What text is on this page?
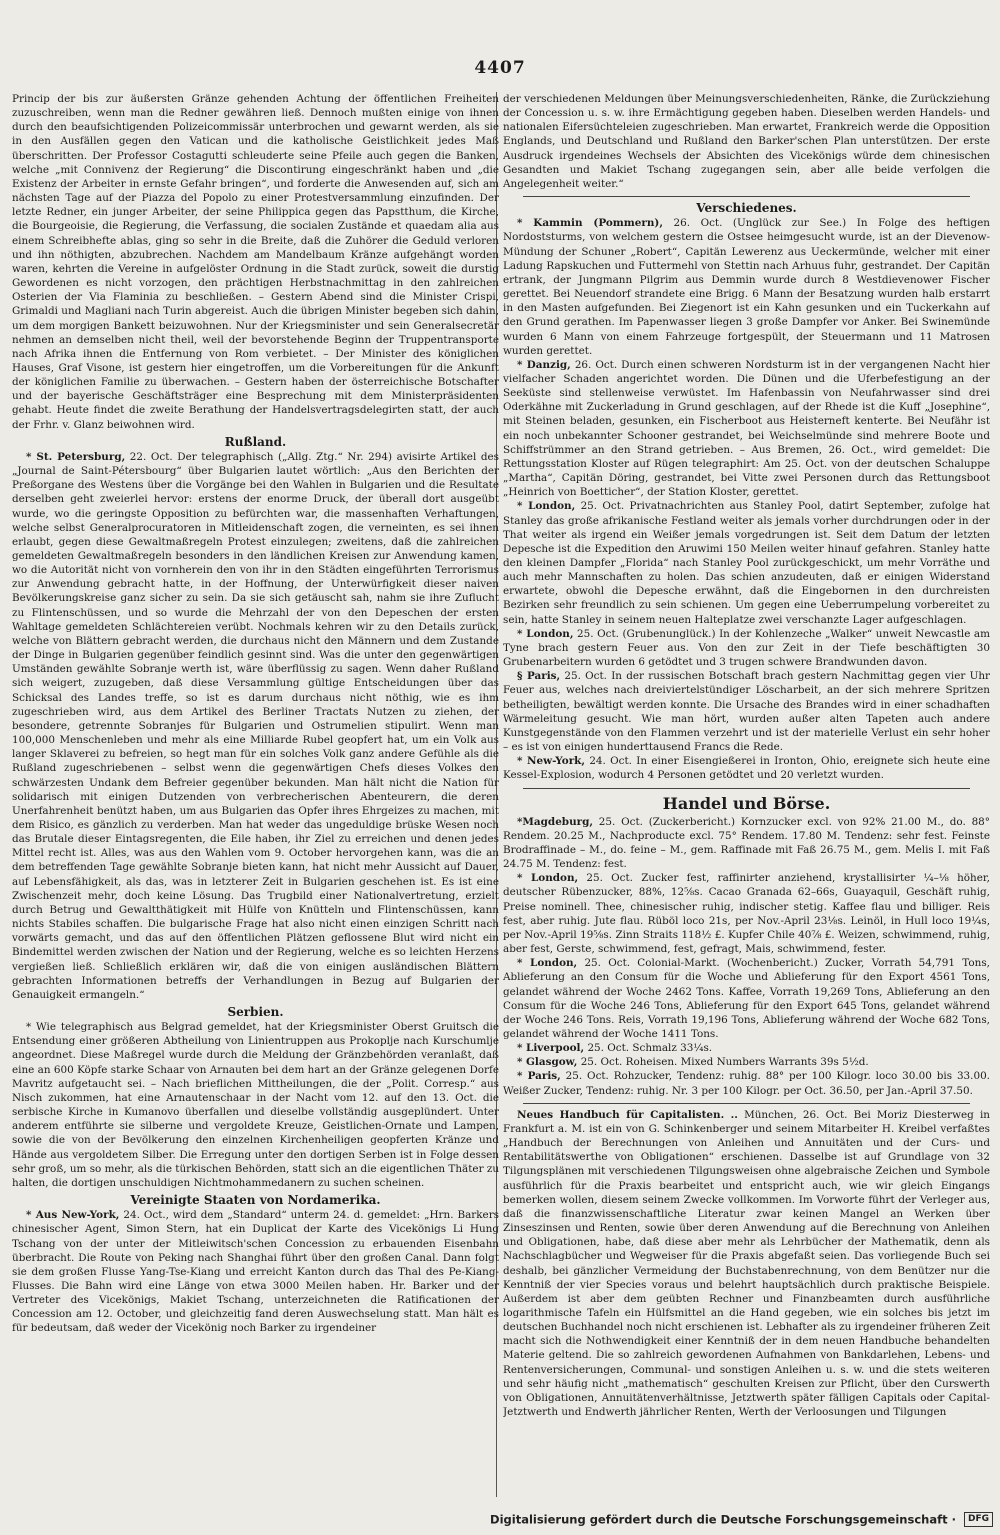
4407

Princip der bis zur äußersten Gränze gehenden Achtung der öffentlichen Freiheiten zuzuschreiben, wenn man die Redner gewähren ließ. Dennoch mußten einige von ihnen durch den beaufsichtigenden Polizeicommissär unterbrochen und gewarnt werden, als sie in den Ausfällen gegen den Vatican und die katholische Geistlichkeit jedes Maß überschritten. Der Professor Costagutti schleuderte seine Pfeile auch gegen die Banken, welche „mit Connivenz der Regierung“ die Discontirung eingeschränkt haben und „die Existenz der Arbeiter in ernste Gefahr bringen“, und forderte die Anwesenden auf, sich am nächsten Tage auf der Piazza del Popolo zu einer Protestversammlung einzufinden. Der letzte Redner, ein junger Arbeiter, der seine Philippica gegen das Papstthum, die Kirche, die Bourgeoisie, die Regierung, die Verfassung, die socialen Zustände et quaedam alia aus einem Schreibhefte ablas, ging so sehr in die Breite, daß die Zuhörer die Geduld verloren und ihn nöthigten, abzubrechen. Nachdem am Mandelbaum Kränze aufgehängt worden waren, kehrten die Vereine in aufgelöster Ordnung in die Stadt zurück, soweit die durstig Gewordenen es nicht vorzogen, den prächtigen Herbstnachmittag in den zahlreichen Osterien der Via Flaminia zu beschließen. – Gestern Abend sind die Minister Crispi, Grimaldi und Magliani nach Turin abgereist. Auch die übrigen Minister begeben sich dahin, um dem morgigen Bankett beizuwohnen. Nur der Kriegsminister und sein Generalsecretär nehmen an demselben nicht theil, weil der bevorstehende Beginn der Truppentransporte nach Afrika ihnen die Entfernung von Rom verbietet. – Der Minister des königlichen Hauses, Graf Visone, ist gestern hier eingetroffen, um die Vorbereitungen für die Ankunft der königlichen Familie zu überwachen. – Gestern haben der österreichische Botschafter und der bayerische Geschäftsträger eine Besprechung mit dem Ministerpräsidenten gehabt. Heute findet die zweite Berathung der Handelsvertragsdelegirten statt, der auch der Frhr. v. Glanz beiwohnen wird.

Rußland.

* St. Petersburg, 22. Oct. Der telegraphisch („Allg. Ztg.“ Nr. 294) avisirte Artikel des „Journal de Saint-Pétersbourg“ über Bulgarien lautet wörtlich: „Aus den Berichten der Preßorgane des Westens über die Vorgänge bei den Wahlen in Bulgarien und die Resultate derselben geht zweierlei hervor: erstens der enorme Druck, der überall dort ausgeübt wurde, wo die geringste Opposition zu befürchten war, die massenhaften Verhaftungen, welche selbst Generalprocuratoren in Mitleidenschaft zogen, die verneinten, es sei ihnen erlaubt, gegen diese Gewaltmaßregeln Protest einzulegen; zweitens, daß die zahlreichen gemeldeten Gewaltmaßregeln besonders in den ländlichen Kreisen zur Anwendung kamen, wo die Autorität nicht von vornherein den von ihr in den Städten eingeführten Terrorismus zur Anwendung gebracht hatte, in der Hoffnung, der Unterwürfigkeit dieser naiven Bevölkerungskreise ganz sicher zu sein. Da sie sich getäuscht sah, nahm sie ihre Zuflucht zu Flintenschüssen, und so wurde die Mehrzahl der von den Depeschen der ersten Wahltage gemeldeten Schlächtereien verübt. Nochmals kehren wir zu den Details zurück, welche von Blättern gebracht werden, die durchaus nicht den Männern und dem Zustande der Dinge in Bulgarien gegenüber feindlich gesinnt sind. Was die unter den gegenwärtigen Umständen gewählte Sobranje werth ist, wäre überflüssig zu sagen. Wenn daher Rußland sich weigert, zuzugeben, daß diese Versammlung gültige Entscheidungen über das Schicksal des Landes treffe, so ist es darum durchaus nicht nöthig, wie es ihm zugeschrieben wird, aus dem Artikel des Berliner Tractats Nutzen zu ziehen, der besondere, getrennte Sobranjes für Bulgarien und Ostrumelien stipulirt. Wenn man 100,000 Menschenleben und mehr als eine Milliarde Rubel geopfert hat, um ein Volk aus langer Sklaverei zu befreien, so hegt man für ein solches Volk ganz andere Gefühle als die Rußland zugeschriebenen – selbst wenn die gegenwärtigen Chefs dieses Volkes den schwärzesten Undank dem Befreier gegenüber bekunden. Man hält nicht die Nation für solidarisch mit einigen Dutzenden von verbrecherischen Abenteurern, die deren Unerfahrenheit benützt haben, um aus Bulgarien das Opfer ihres Ehrgeizes zu machen, mit dem Risico, es gänzlich zu verderben. Man hat weder das ungeduldige brüske Wesen noch das Brutale dieser Eintagsregenten, die Eile haben, ihr Ziel zu erreichen und denen jedes Mittel recht ist. Alles, was aus den Wahlen vom 9. October hervorgehen kann, was die an dem betreffenden Tage gewählte Sobranje bieten kann, hat nicht mehr Aussicht auf Dauer, auf Lebensfähigkeit, als das, was in letzterer Zeit in Bulgarien geschehen ist. Es ist eine Zwischenzeit mehr, doch keine Lösung. Das Trugbild einer Nationalvertretung, erzielt durch Betrug und Gewaltthätigkeit mit Hülfe von Knütteln und Flintenschüssen, kann nichts Stabiles schaffen. Die bulgarische Frage hat also nicht einen einzigen Schritt nach vorwärts gemacht, und das auf den öffentlichen Plätzen geflossene Blut wird nicht ein Bindemittel werden zwischen der Nation und der Regierung, welche es so leichten Herzens vergießen ließ. Schließlich erklären wir, daß die von einigen ausländischen Blättern gebrachten Informationen betreffs der Verhandlungen in Bezug auf Bulgarien der Genauigkeit ermangeln.“

Serbien.

* Wie telegraphisch aus Belgrad gemeldet, hat der Kriegsminister Oberst Gruitsch die Entsendung einer größeren Abtheilung von Linientruppen aus Prokoplje nach Kurschumlje angeordnet. Diese Maßregel wurde durch die Meldung der Gränzbehörden veranlaßt, daß eine an 600 Köpfe starke Schaar von Arnauten bei dem hart an der Gränze gelegenen Dorfe Mavritz aufgetaucht sei. – Nach brieflichen Mittheilungen, die der „Polit. Corresp.“ aus Nisch zukommen, hat eine Arnautenschaar in der Nacht vom 12. auf den 13. Oct. die serbische Kirche in Kumanovo überfallen und dieselbe vollständig ausgeplündert. Unter anderem entführte sie silberne und vergoldete Kreuze, Geistlichen-Ornate und Lampen, sowie die von der Bevölkerung den einzelnen Kirchenheiligen geopferten Kränze und Hände aus vergoldetem Silber. Die Erregung unter den dortigen Serben ist in Folge dessen sehr groß, um so mehr, als die türkischen Behörden, statt sich an die eigentlichen Thäter zu halten, die dortigen unschuldigen Nichtmohammedanern zu suchen scheinen.

Vereinigte Staaten von Nordamerika.

* Aus New-York, 24. Oct., wird dem „Standard“ unterm 24. d. gemeldet: „Hrn. Barkers chinesischer Agent, Simon Stern, hat ein Duplicat der Karte des Vicekönigs Li Hung Tschang von der unter der Mitleiwitsch'schen Concession zu erbauenden Eisenbahn überbracht. Die Route von Peking nach Shanghai führt über den großen Canal. Dann folgt sie dem großen Flusse Yang-Tse-Kiang und erreicht Kanton durch das Thal des Pe-Kiang-Flusses. Die Bahn wird eine Länge von etwa 3000 Meilen haben. Hr. Barker und der Vertreter des Vicekönigs, Makiet Tschang, unterzeichneten die Ratificationen der Concession am 12. October, und gleichzeitig fand deren Auswechselung statt. Man hält es für bedeutsam, daß weder der Vicekönig noch Barker zu irgendeiner

der verschiedenen Meldungen über Meinungsverschiedenheiten, Ränke, die Zurückziehung der Concession u. s. w. ihre Ermächtigung gegeben haben. Dieselben werden Handels- und nationalen Eifersüchteleien zugeschrieben. Man erwartet, Frankreich werde die Opposition Englands, und Deutschland und Rußland den Barker'schen Plan unterstützen. Der erste Ausdruck irgendeines Wechsels der Absichten des Vicekönigs würde dem chinesischen Gesandten und Makiet Tschang zugegangen sein, aber alle beide verfolgen die Angelegenheit weiter.“

Verschiedenes.

* Kammin (Pommern), 26. Oct. (Unglück zur See.) In Folge des heftigen Nordoststurms, von welchem gestern die Ostsee heimgesucht wurde, ist an der Dievenow-Mündung der Schuner „Robert“, Capitän Lewerenz aus Ueckermünde, welcher mit einer Ladung Rapskuchen und Futtermehl von Stettin nach Arhuus fuhr, gestrandet. Der Capitän ertrank, der Jungmann Pilgrim aus Demmin wurde durch 8 Westdievenower Fischer gerettet. Bei Neuendorf strandete eine Brigg. 6 Mann der Besatzung wurden halb erstarrt in den Masten aufgefunden. Bei Ziegenort ist ein Kahn gesunken und ein Tuckerkahn auf den Grund gerathen. Im Papenwasser liegen 3 große Dampfer vor Anker. Bei Swinemünde wurden 6 Mann von einem Fahrzeuge fortgespült, der Steuermann und 11 Matrosen wurden gerettet.

* Danzig, 26. Oct. Durch einen schweren Nordsturm ist in der vergangenen Nacht hier vielfacher Schaden angerichtet worden. Die Dünen und die Uferbefestigung an der Seeküste sind stellenweise verwüstet. Im Hafenbassin von Neufahrwasser sind drei Oderkähne mit Zuckerladung in Grund geschlagen, auf der Rhede ist die Kuff „Josephine“, mit Steinen beladen, gesunken, ein Fischerboot aus Heisterneft kenterte. Bei Neufähr ist ein noch unbekannter Schooner gestrandet, bei Weichselmünde sind mehrere Boote und Schiffstrümmer an den Strand getrieben. – Aus Bremen, 26. Oct., wird gemeldet: Die Rettungsstation Kloster auf Rügen telegraphirt: Am 25. Oct. von der deutschen Schaluppe „Martha“, Capitän Döring, gestrandet, bei Vitte zwei Personen durch das Rettungsboot „Heinrich von Boetticher“, der Station Kloster, gerettet.

* London, 25. Oct. Privatnachrichten aus Stanley Pool, datirt September, zufolge hat Stanley das große afrikanische Festland weiter als jemals vorher durchdrungen oder in der That weiter als irgend ein Weißer jemals vorgedrungen ist. Seit dem Datum der letzten Depesche ist die Expedition den Aruwimi 150 Meilen weiter hinauf gefahren. Stanley hatte den kleinen Dampfer „Florida“ nach Stanley Pool zurückgeschickt, um mehr Vorräthe und auch mehr Mannschaften zu holen. Das schien anzudeuten, daß er einigen Widerstand erwartete, obwohl die Depesche erwähnt, daß die Eingebornen in den durchreisten Bezirken sehr freundlich zu sein schienen. Um gegen eine Ueberrumpelung vorbereitet zu sein, hatte Stanley in seinem neuen Halteplatze zwei verschanzte Lager aufgeschlagen.

* London, 25. Oct. (Grubenunglück.) In der Kohlenzeche „Walker“ unweit Newcastle am Tyne brach gestern Feuer aus. Von den zur Zeit in der Tiefe beschäftigten 30 Grubenarbeitern wurden 6 getödtet und 3 trugen schwere Brandwunden davon.

§ Paris, 25. Oct. In der russischen Botschaft brach gestern Nachmittag gegen vier Uhr Feuer aus, welches nach dreiviertelstündiger Löscharbeit, an der sich mehrere Spritzen betheiligten, bewältigt werden konnte. Die Ursache des Brandes wird in einer schadhaften Wärmeleitung gesucht. Wie man hört, wurden außer alten Tapeten auch andere Kunstgegenstände von den Flammen verzehrt und ist der materielle Verlust ein sehr hoher – es ist von einigen hunderttausend Francs die Rede.

* New-York, 24. Oct. In einer Eisengießerei in Ironton, Ohio, ereignete sich heute eine Kessel-Explosion, wodurch 4 Personen getödtet und 20 verletzt wurden.

Handel und Börse.

*Magdeburg, 25. Oct. (Zuckerbericht.) Kornzucker excl. von 92% 21.00 M., do. 88° Rendem. 20.25 M., Nachproducte excl. 75° Rendem. 17.80 M. Tendenz: sehr fest. Feinste Brodraffinade – M., do. feine – M., gem. Raffinade mit Faß 26.75 M., gem. Melis I. mit Faß 24.75 M. Tendenz: fest.

* London, 25. Oct. Zucker fest, raffinirter anziehend, krystallisirter ¼–⅛ höher, deutscher Rübenzucker, 88%, 12⅝s. Cacao Granada 62–66s, Guayaquil, Geschäft ruhig, Preise nominell. Thee, chinesischer ruhig, indischer stetig. Kaffee flau und billiger. Reis fest, aber ruhig. Jute flau. Rüböl loco 21s, per Nov.-April 23⅛s. Leinöl, in Hull loco 19¼s, per Nov.-April 19⅝s. Zinn Straits 118½ £. Kupfer Chile 40⅞ £. Weizen, schwimmend, ruhig, aber fest, Gerste, schwimmend, fest, gefragt, Mais, schwimmend, fester.

* London, 25. Oct. Colonial-Markt. (Wochenbericht.) Zucker, Vorrath 54,791 Tons, Ablieferung an den Consum für die Woche und Ablieferung für den Export 4561 Tons, gelandet während der Woche 2462 Tons. Kaffee, Vorrath 19,269 Tons, Ablieferung an den Consum für die Woche 246 Tons, Ablieferung für den Export 645 Tons, gelandet während der Woche 246 Tons. Reis, Vorrath 19,196 Tons, Ablieferung während der Woche 682 Tons, gelandet während der Woche 1411 Tons.

* Liverpool, 25. Oct. Schmalz 33¼s.

* Glasgow, 25. Oct. Roheisen. Mixed Numbers Warrants 39s 5½d.

* Paris, 25. Oct. Rohzucker, Tendenz: ruhig. 88° per 100 Kilogr. loco 30.00 bis 33.00. Weißer Zucker, Tendenz: ruhig. Nr. 3 per 100 Kilogr. per Oct. 36.50, per Jan.-April 37.50.

Neues Handbuch für Capitalisten. .. München, 26. Oct. Bei Moriz Diesterweg in Frankfurt a. M. ist ein von G. Schinkenberger und seinem Mitarbeiter H. Kreibel verfaßtes „Handbuch der Berechnungen von Anleihen und Annuitäten und der Curs- und Rentabilitätswerthe von Obligationen“ erschienen. Dasselbe ist auf Grundlage von 32 Tilgungsplänen mit verschiedenen Tilgungsweisen ohne algebraische Zeichen und Symbole ausführlich für die Praxis bearbeitet und entspricht auch, wie wir gleich Eingangs bemerken wollen, diesem seinem Zwecke vollkommen. Im Vorworte führt der Verleger aus, daß die finanzwissenschaftliche Literatur zwar keinen Mangel an Werken über Zinseszinsen und Renten, sowie über deren Anwendung auf die Berechnung von Anleihen und Obligationen, habe, daß diese aber mehr als Lehrbücher der Mathematik, denn als Nachschlagbücher und Wegweiser für die Praxis abgefaßt seien. Das vorliegende Buch sei deshalb, bei gänzlicher Vermeidung der Buchstabenrechnung, von dem Benützer nur die Kenntniß der vier Species voraus und belehrt hauptsächlich durch praktische Beispiele. Außerdem ist aber dem geübten Rechner und Finanzbeamten durch ausführliche logarithmische Tafeln ein Hülfsmittel an die Hand gegeben, wie ein solches bis jetzt im deutschen Buchhandel noch nicht erschienen ist. Lebhafter als zu irgendeiner früheren Zeit macht sich die Nothwendigkeit einer Kenntniß der in dem neuen Handbuche behandelten Materie geltend. Die so zahlreich gewordenen Aufnahmen von Bankdarlehen, Lebens- und Rentenversicherungen, Communal- und sonstigen Anleihen u. s. w. und die stets weiteren und sehr häufig nicht „mathematisch“ geschulten Kreisen zur Pflicht, über den Curswerth von Obligationen, Annuitätenverhältnisse, Jetztwerth später fälligen Capitals oder Capital-Jetztwerth und Endwerth jährlicher Renten, Werth der Verloosungen und Tilgungen

Digitalisierung gefördert durch die Deutsche Forschungsgemeinschaft · DFG
